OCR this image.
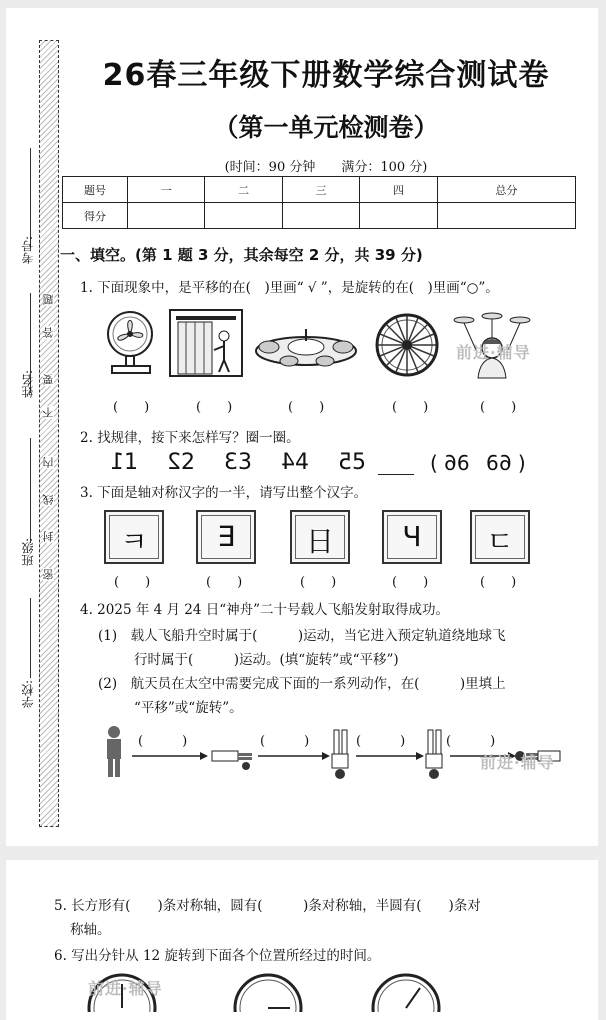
考号:
姓名:
班级:
学校:
题
答
要
不
内
线
封
密
26春三年级下册数学综合测试卷
（第一单元检测卷）
(时间：90 分钟　　满分：100 分)
题号	一	二	三	四	总分
得分					
一、填空。(第 1 题 3 分，其余每空 2 分，共 39 分)
1. 下面现象中，是平移的在(　)里画“ √ ”，是旋转的在(　)里画“○”。
(　　)	(　　)	(　　)	(　　)	(　　)
2. 找规律，接下来怎样写？圈一圈。
11  22  33  44  55	( 66  66 )
3. 下面是轴对称汉字的一半，请写出整个汉字。
ㅋ	∃	日	Ч	ㄷ
(　　)	(　　)	(　　)	(　　)	(　　)
4. 2025 年 4 月 24 日“神舟”二十号载人飞船发射取得成功。
(1)　载人飞船升空时属于(　　　)运动，当它进入预定轨道绕地球飞
行时属于(　　　)运动。(填“旋转”或“平移”)
(2)　航天员在太空中需要完成下面的一系列动作，在(　　　)里填上
“平移”或“旋转”。
(　　　)	(　　　)	(　　　)	(　　　)
前进·辅导
前进·辅导
5. 长方形有(　　)条对称轴，圆有(　　　)条对称轴，半圆有(　　)条对
称轴。
6. 写出分针从 12 旋转到下面各个位置所经过的时间。
前进·辅导
